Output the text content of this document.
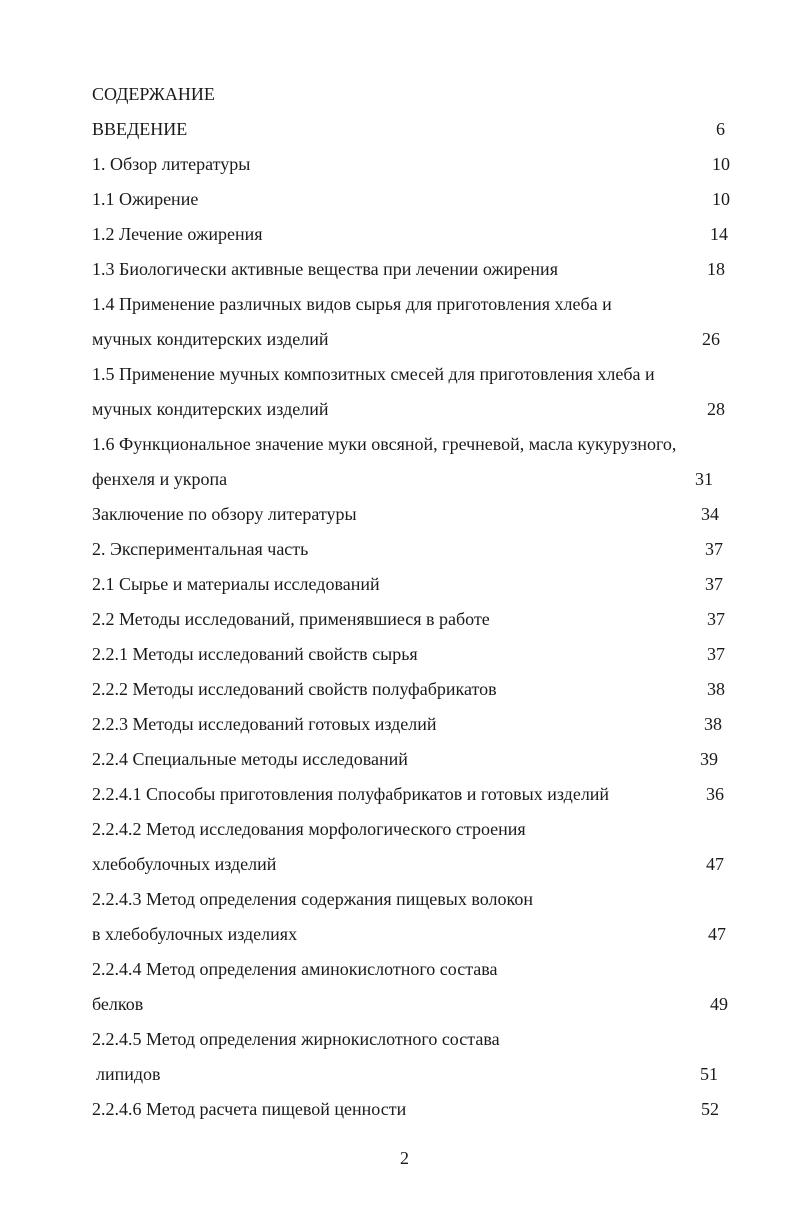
СОДЕРЖАНИЕ
ВВЕДЕНИЕ	6
1. Обзор литературы	10
1.1 Ожирение	10
1.2 Лечение ожирения	14
1.3 Биологически активные вещества при лечении ожирения	18
1.4 Применение различных видов сырья для приготовления хлеба и
мучных кондитерских изделий	26
1.5 Применение мучных композитных смесей для приготовления хлеба и
мучных кондитерских изделий	28
1.6 Функциональное значение муки овсяной, гречневой, масла кукурузного,
фенхеля и укропа	31
Заключение по обзору литературы	34
2. Экспериментальная часть	37
2.1 Сырье и материалы исследований	37
2.2 Методы исследований, применявшиеся в работе	37
2.2.1 Методы исследований свойств сырья	37
2.2.2 Методы исследований свойств полуфабрикатов	38
2.2.3 Методы исследований готовых изделий	38
2.2.4 Специальные методы исследований	39
2.2.4.1 Способы приготовления полуфабрикатов и готовых изделий	36
2.2.4.2 Метод исследования морфологического строения
хлебобулочных изделий	47
2.2.4.3 Метод определения содержания пищевых волокон
в хлебобулочных изделиях	47
2.2.4.4 Метод определения аминокислотного состава
белков	49
2.2.4.5 Метод определения жирнокислотного состава
липидов	51
2.2.4.6 Метод расчета пищевой ценности	52
2
